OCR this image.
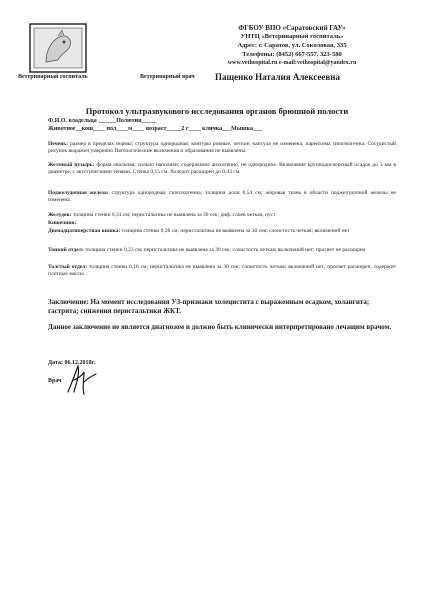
Ветеринарный госпиталь
ФГБОУ ВПО «Саратовский ГАУ»
УНТЦ «Ветеринарный госпиталь»
Адрес: г. Саратов, ул. Соколовая, 335
Телефоны: (8452) 667-557, 323-580
www.vethospital.ru e-mail:vethospital@yandex.ru
Ветеринарный врач Пащенко Наталия Алексеевна
Протокол ультразвукового исследования органов брюшной полости
Ф.И.О. владельца ______Полютин_____
Животное__кош____ пол____м____ возраст_____2 г____ кличка___Мышка___
Печень: размер в пределах нормы; структура однородная; контуры ровные, четкие; капсула не изменена; паренхима гипоэхогенна. Сосудистый рисунок выражен умеренно Патологические включения и образования не выявлены.
Желчный пузырь: форма овальная; сильно наполнен; содержимое анэхогенно, не однородное. Включения крупнодисперсный осадок до 3 мм в диаметре, с акустическими тенями. Стенка 0,15 см. Холедох расширен до 0,43 см.
Поджелудочная железа: структура однородная; гипоэхогенна; толщина доли 0,54 см; жировая ткань в области поджелудочной железы не изменена.
Желудок: толщина стенки 0,31 см; перистальтика не выявлена за 30 сек; диф. слоев четкая, пуст
Кишечник:
Двенадцатиперстная кишка: толщина стенки 0,28 см; перистальтика не выявлена за 30 сек; слоистость четкая; включений нет
Тонкий отдел: толщина стенки 0,23 см; перистальтика не выявлена за 30 сек; слоистость четкая; включений нет; просвет не расширен
Толстый отдел: толщина стенки 0,16 см; перистальтика не выявлена за 30 сек; слоистость четкая; включений нет; просвет расширен, содержит плотные массы
Заключение: На момент исследования УЗ-признаки холецистита с выраженным осадком, холангита; гастрита; снижения перистальтики ЖКТ.
Данное заключение не является диагнозом и должно быть клинически интерпретировано лечащим врачом.
Дата: 06.12.2018г.
Врач
